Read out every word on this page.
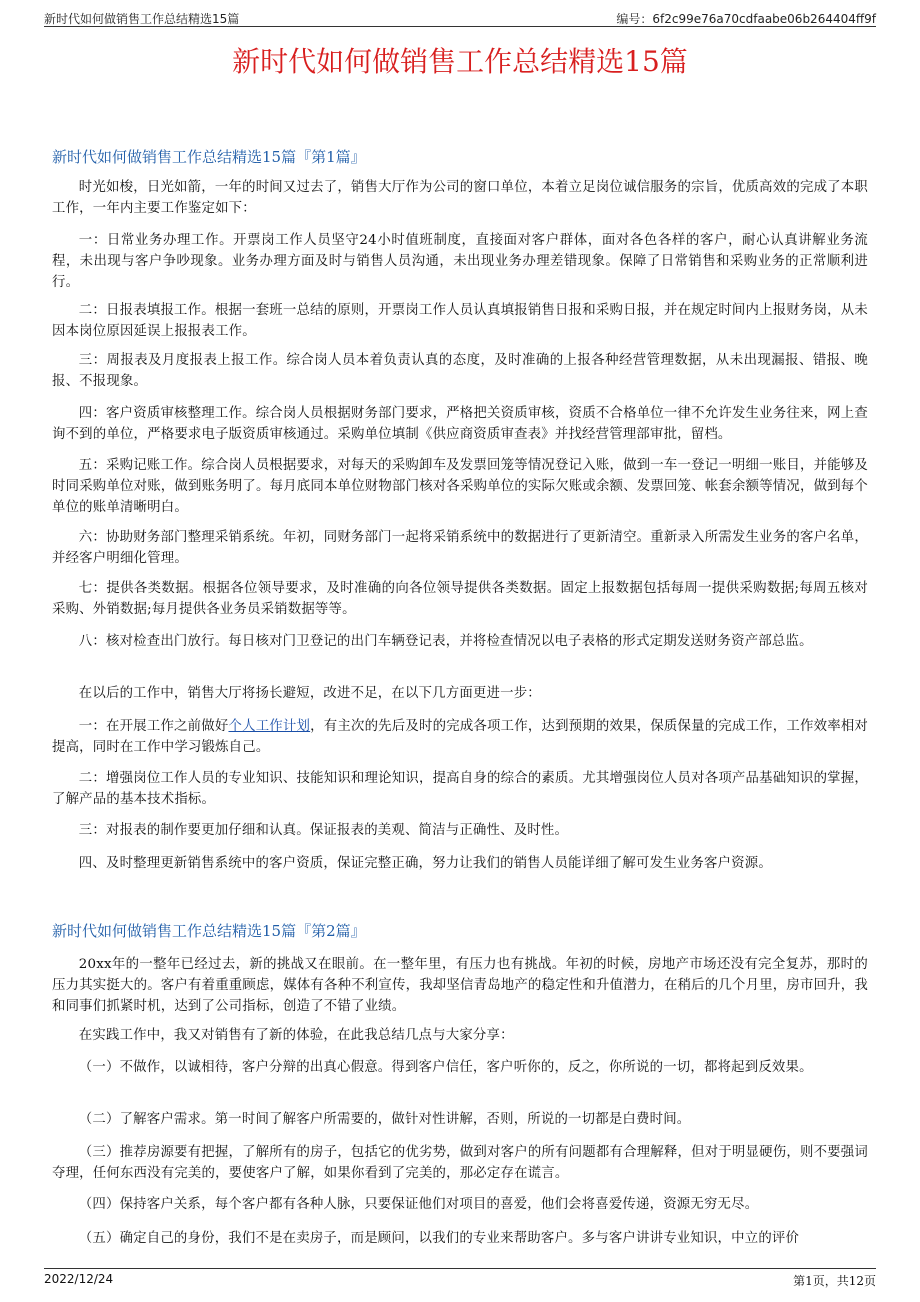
新时代如何做销售工作总结精选15篇	编号：6f2c99e76a70cdfaabe06b264404ff9f
新时代如何做销售工作总结精选15篇
新时代如何做销售工作总结精选15篇『第1篇』
时光如梭，日光如箭，一年的时间又过去了，销售大厅作为公司的窗口单位，本着立足岗位诚信服务的宗旨，优质高效的完成了本职工作，一年内主要工作鉴定如下：
一：日常业务办理工作。开票岗工作人员坚守24小时值班制度，直接面对客户群体，面对各色各样的客户，耐心认真讲解业务流程，未出现与客户争吵现象。业务办理方面及时与销售人员沟通，未出现业务办理差错现象。保障了日常销售和采购业务的正常顺利进行。
二：日报表填报工作。根据一套班一总结的原则，开票岗工作人员认真填报销售日报和采购日报，并在规定时间内上报财务岗，从未因本岗位原因延误上报报表工作。
三：周报表及月度报表上报工作。综合岗人员本着负责认真的态度，及时准确的上报各种经营管理数据，从未出现漏报、错报、晚报、不报现象。
四：客户资质审核整理工作。综合岗人员根据财务部门要求，严格把关资质审核，资质不合格单位一律不允许发生业务往来，网上查询不到的单位，严格要求电子版资质审核通过。采购单位填制《供应商资质审查表》并找经营管理部审批，留档。
五：采购记账工作。综合岗人员根据要求，对每天的采购卸车及发票回笼等情况登记入账，做到一车一登记一明细一账目，并能够及时同采购单位对账，做到账务明了。每月底同本单位财物部门核对各采购单位的实际欠账或余额、发票回笼、帐套余额等情况，做到每个单位的账单清晰明白。
六：协助财务部门整理采销系统。年初，同财务部门一起将采销系统中的数据进行了更新清空。重新录入所需发生业务的客户名单，并经客户明细化管理。
七：提供各类数据。根据各位领导要求，及时准确的向各位领导提供各类数据。固定上报数据包括每周一提供采购数据;每周五核对采购、外销数据;每月提供各业务员采销数据等等。
八：核对检查出门放行。每日核对门卫登记的出门车辆登记表，并将检查情况以电子表格的形式定期发送财务资产部总监。
在以后的工作中，销售大厅将扬长避短，改进不足，在以下几方面更进一步：
一：在开展工作之前做好个人工作计划，有主次的先后及时的完成各项工作，达到预期的效果，保质保量的完成工作，工作效率相对提高，同时在工作中学习锻炼自己。
二：增强岗位工作人员的专业知识、技能知识和理论知识，提高自身的综合的素质。尤其增强岗位人员对各项产品基础知识的掌握，了解产品的基本技术指标。
三：对报表的制作要更加仔细和认真。保证报表的美观、简洁与正确性、及时性。
四、及时整理更新销售系统中的客户资质，保证完整正确，努力让我们的销售人员能详细了解可发生业务客户资源。
新时代如何做销售工作总结精选15篇『第2篇』
20xx年的一整年已经过去，新的挑战又在眼前。在一整年里，有压力也有挑战。年初的时候，房地产市场还没有完全复苏，那时的压力其实挺大的。客户有着重重顾虑，媒体有各种不利宣传，我却坚信青岛地产的稳定性和升值潜力，在稍后的几个月里，房市回升，我和同事们抓紧时机，达到了公司指标，创造了不错了业绩。
在实践工作中，我又对销售有了新的体验，在此我总结几点与大家分享：
（一）不做作，以诚相待，客户分辩的出真心假意。得到客户信任，客户听你的，反之，你所说的一切，都将起到反效果。
（二）了解客户需求。第一时间了解客户所需要的，做针对性讲解，否则，所说的一切都是白费时间。
（三）推荐房源要有把握，了解所有的房子，包括它的优劣势，做到对客户的所有问题都有合理解释，但对于明显硬伤，则不要强词夺理，任何东西没有完美的，要使客户了解，如果你看到了完美的，那必定存在谎言。
（四）保持客户关系，每个客户都有各种人脉，只要保证他们对项目的喜爱，他们会将喜爱传递，资源无穷无尽。
（五）确定自己的身份，我们不是在卖房子，而是顾问，以我们的专业来帮助客户。多与客户讲讲专业知识，中立的评价
2022/12/24	第1页，共12页
